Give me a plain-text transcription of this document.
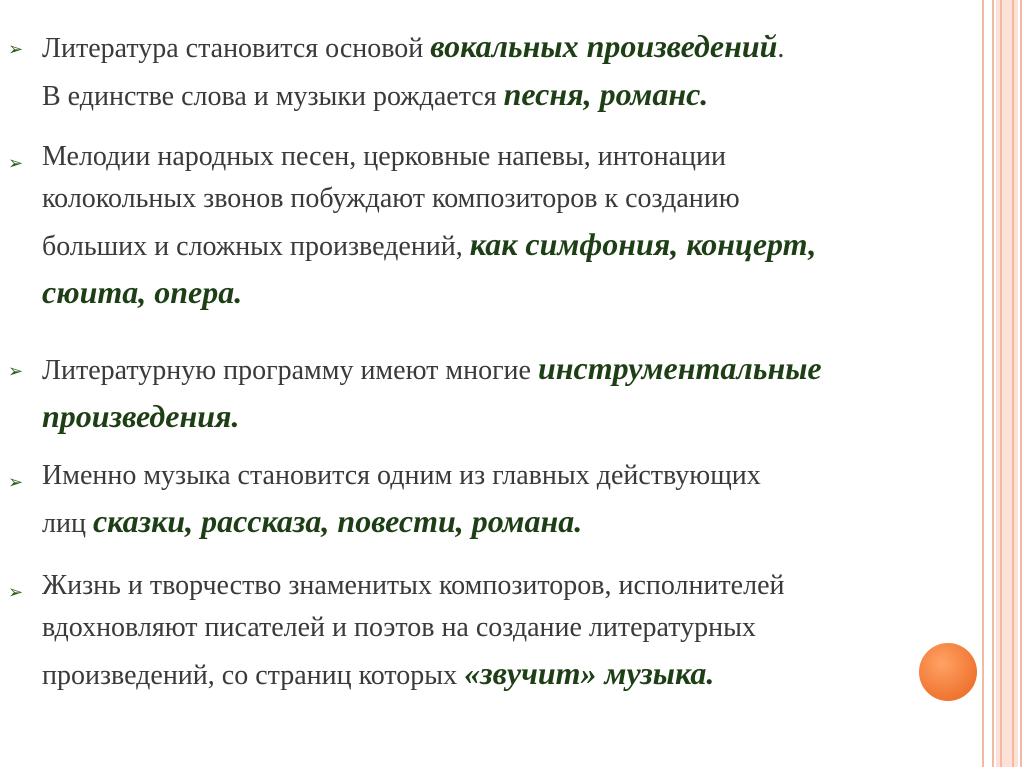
➢ Литература становится основой вокальных произведений.
В единстве слова и музыки рождается песня, романс.
➢ Мелодии народных песен, церковные напевы, интонации
колокольных звонов побуждают композиторов к созданию
больших и сложных произведений, как симфония, концерт,
сюита, опера.
➢ Литературную программу имеют многие инструментальные
произведения.
➢ Именно музыка становится одним из главных действующих
лиц сказки, рассказа, повести, романа.
➢ Жизнь и творчество знаменитых композиторов, исполнителей
вдохновляют писателей и поэтов на создание литературных
произведений, со страниц которых «звучит» музыка.
